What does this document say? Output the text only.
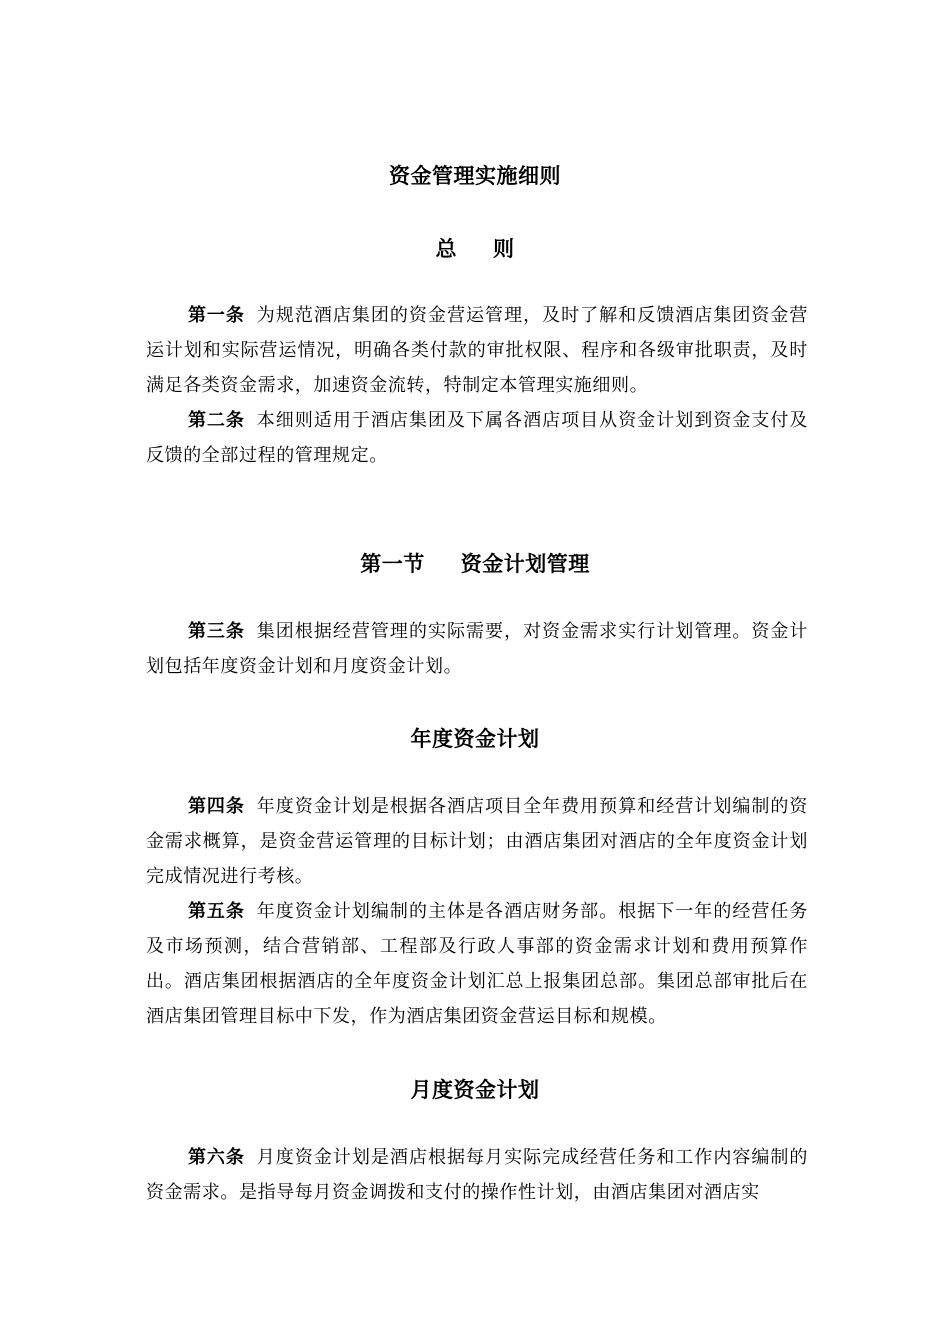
资金管理实施细则
总 则
第一条 为规范酒店集团的资金营运管理，及时了解和反馈酒店集团资金营运计划和实际营运情况，明确各类付款的审批权限、程序和各级审批职责，及时满足各类资金需求，加速资金流转，特制定本管理实施细则。
第二条 本细则适用于酒店集团及下属各酒店项目从资金计划到资金支付及反馈的全部过程的管理规定。
第一节 资金计划管理
第三条 集团根据经营管理的实际需要，对资金需求实行计划管理。资金计划包括年度资金计划和月度资金计划。
年度资金计划
第四条 年度资金计划是根据各酒店项目全年费用预算和经营计划编制的资金需求概算，是资金营运管理的目标计划；由酒店集团对酒店的全年度资金计划完成情况进行考核。
第五条 年度资金计划编制的主体是各酒店财务部。根据下一年的经营任务及市场预测，结合营销部、工程部及行政人事部的资金需求计划和费用预算作出。酒店集团根据酒店的全年度资金计划汇总上报集团总部。集团总部审批后在酒店集团管理目标中下发，作为酒店集团资金营运目标和规模。
月度资金计划
第六条 月度资金计划是酒店根据每月实际完成经营任务和工作内容编制的资金需求。是指导每月资金调拨和支付的操作性计划，由酒店集团对酒店实
